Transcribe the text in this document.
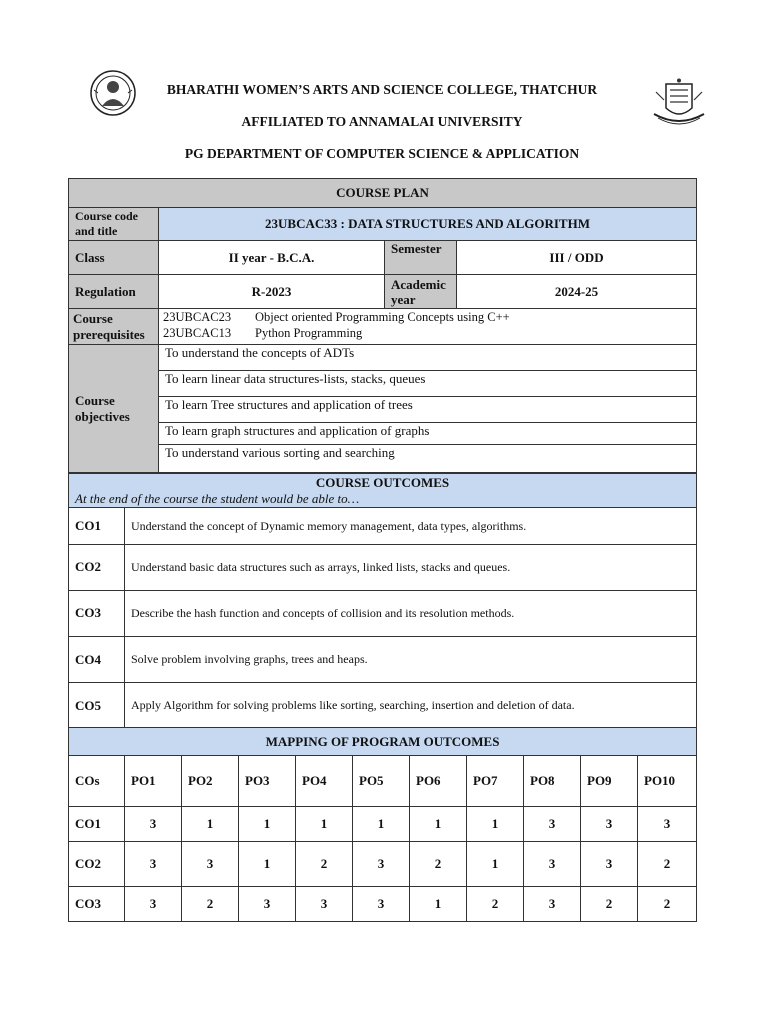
BHARATHI WOMEN’S ARTS AND SCIENCE COLLEGE, THATCHUR
AFFILIATED TO ANNAMALAI UNIVERSITY
PG DEPARTMENT OF COMPUTER SCIENCE & APPLICATION
COURSE PLAN			
Course code and title	23UBCAC33 : DATA STRUCTURES AND ALGORITHM		
Class	II year - B.C.A.	Semester	III / ODD
Regulation	R-2023	Academic year	2024-25
Course prerequisites	23UBCAC23 Object oriented Programming Concepts using C++
23UBCAC13 Python Programming		

Course objectives	To understand the concepts of ADTs		
	To learn linear data structures-lists, stacks, queues		
	To learn Tree structures and application of trees		
	To learn graph structures and application of graphs		
	To understand various sorting and searching		
COURSE OUTCOMES
At the end of the course the student would be able to…	

CO1	Understand the concept of Dynamic memory management, data types, algorithms.
CO2	Understand basic data structures such as arrays, linked lists, stacks and queues.
CO3	Describe the hash function and concepts of collision and its resolution methods.
CO4	Solve problem involving graphs, trees and heaps.
CO5	Apply Algorithm for solving problems like sorting, searching, insertion and deletion of data.
MAPPING OF PROGRAM OUTCOMES										
COs	PO1	PO2	PO3	PO4	PO5	PO6	PO7	PO8	PO9	PO10
CO1	3	1	1	1	1	1	1	3	3	3
CO2	3	3	1	2	3	2	1	3	3	2
CO3	3	2	3	3	3	1	2	3	2	2
